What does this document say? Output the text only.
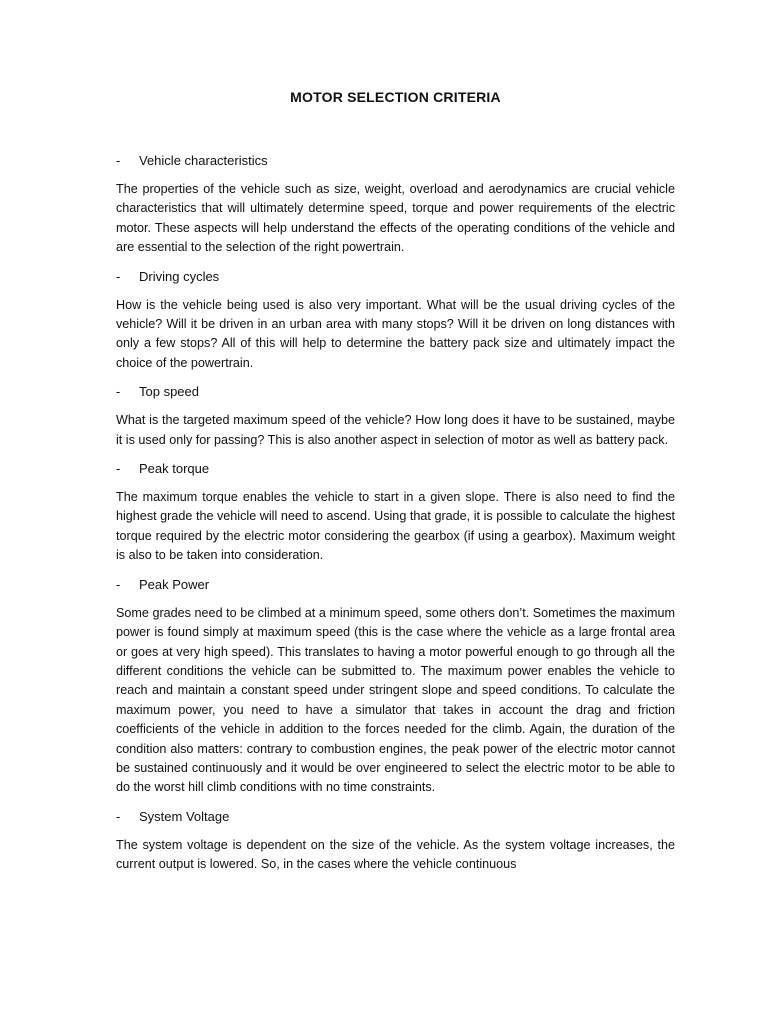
MOTOR SELECTION CRITERIA
- Vehicle characteristics

The properties of the vehicle such as size, weight, overload and aerodynamics are crucial vehicle characteristics that will ultimately determine speed, torque and power requirements of the electric motor. These aspects will help understand the effects of the operating conditions of the vehicle and are essential to the selection of the right powertrain.

- Driving cycles

How is the vehicle being used is also very important. What will be the usual driving cycles of the vehicle? Will it be driven in an urban area with many stops? Will it be driven on long distances with only a few stops? All of this will help to determine the battery pack size and ultimately impact the choice of the powertrain.

- Top speed

What is the targeted maximum speed of the vehicle? How long does it have to be sustained, maybe it is used only for passing? This is also another aspect in selection of motor as well as battery pack.

- Peak torque

The maximum torque enables the vehicle to start in a given slope. There is also need to find the highest grade the vehicle will need to ascend. Using that grade, it is possible to calculate the highest torque required by the electric motor considering the gearbox (if using a gearbox). Maximum weight is also to be taken into consideration.

- Peak Power

Some grades need to be climbed at a minimum speed, some others don’t. Sometimes the maximum power is found simply at maximum speed (this is the case where the vehicle as a large frontal area or goes at very high speed). This translates to having a motor powerful enough to go through all the different conditions the vehicle can be submitted to. The maximum power enables the vehicle to reach and maintain a constant speed under stringent slope and speed conditions. To calculate the maximum power, you need to have a simulator that takes in account the drag and friction coefficients of the vehicle in addition to the forces needed for the climb. Again, the duration of the condition also matters: contrary to combustion engines, the peak power of the electric motor cannot be sustained continuously and it would be over engineered to select the electric motor to be able to do the worst hill climb conditions with no time constraints.

- System Voltage

The system voltage is dependent on the size of the vehicle. As the system voltage increases, the current output is lowered. So, in the cases where the vehicle continuous
